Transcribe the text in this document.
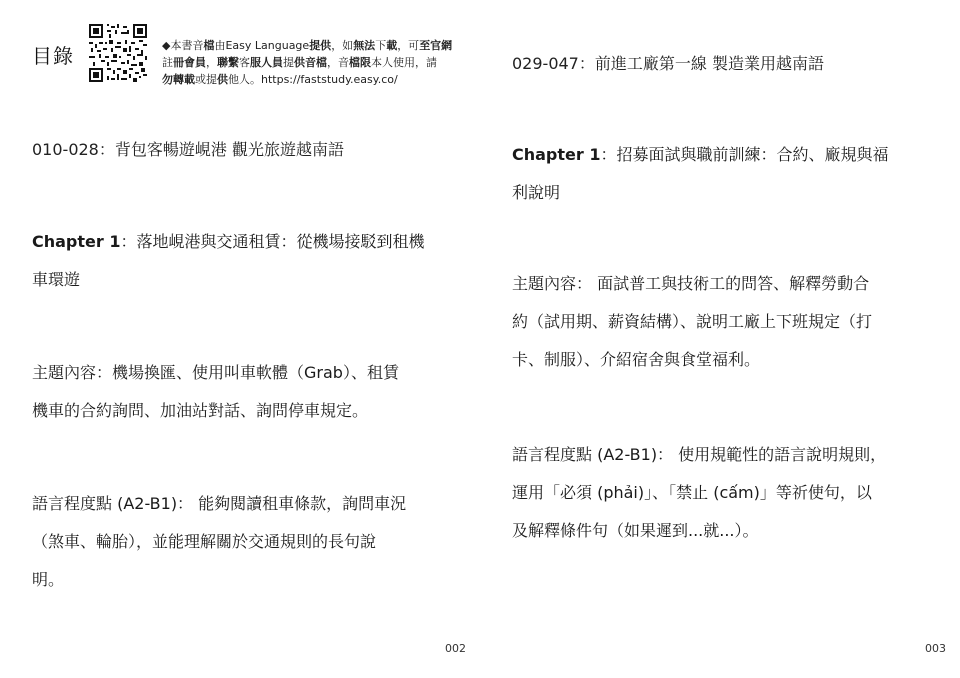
目錄	◆本書音檔由Easy Language提供，如無法下載，可至官網
註冊會員，聯繫客服人員提供音檔，音檔限本人使用，請
勿轉載或提供他人。https://faststudy.easy.co/
010-028：背包客暢遊峴港 觀光旅遊越南語
Chapter 1：落地峴港與交通租賃：從機場接駁到租機
車環遊
主題內容：機場換匯、使用叫車軟體（Grab）、租賃
機車的合約詢問、加油站對話、詢問停車規定。
語言程度點 (A2-B1)： 能夠閱讀租車條款，詢問車況
（煞車、輪胎），並能理解關於交通規則的長句說
明。
002
029-047：前進工廠第一線 製造業用越南語
Chapter 1：招募面試與職前訓練：合約、廠規與福
利說明
主題內容： 面試普工與技術工的問答、解釋勞動合
約（試用期、薪資結構）、說明工廠上下班規定（打
卡、制服）、介紹宿舍與食堂福利。
語言程度點 (A2-B1)： 使用規範性的語言說明規則，
運用「必須 (phải)」、「禁止 (cấm)」等祈使句，以
及解釋條件句（如果遲到...就...）。
003
